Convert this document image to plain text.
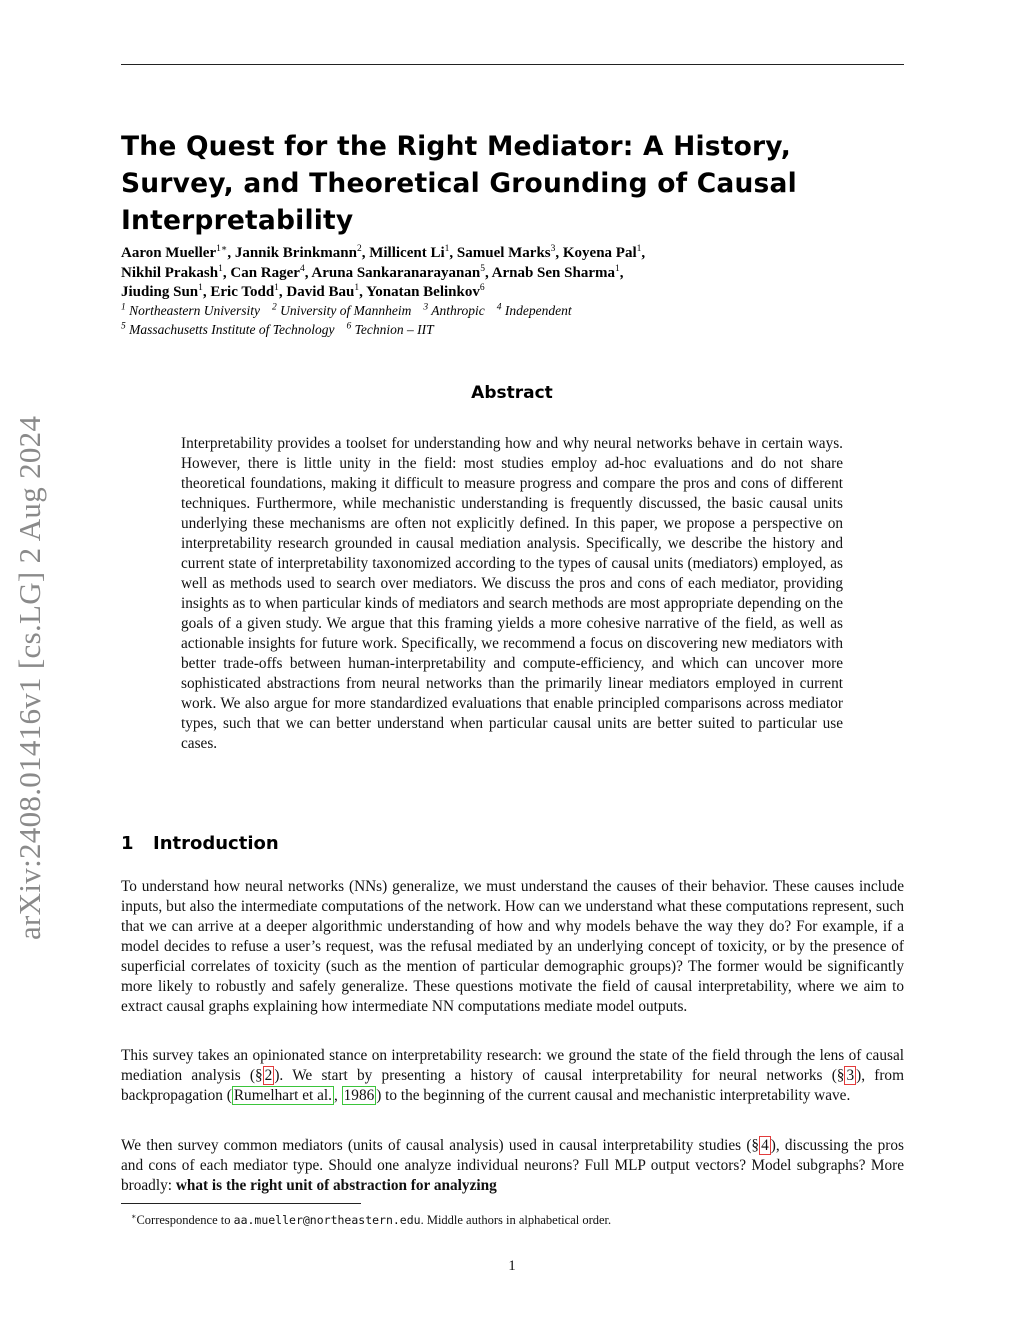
arXiv:2408.01416v1 [cs.LG] 2 Aug 2024
The Quest for the Right Mediator: A History, Survey, and Theoretical Grounding of Causal Interpretability
Aaron Mueller$^{1∗}$, Jannik Brinkmann$^2$, Millicent Li$^1$, Samuel Marks$^3$, Koyena Pal$^1$,
Nikhil Prakash$^1$, Can Rager$^4$, Aruna Sankaranarayanan$^5$, Arnab Sen Sharma$^1$,
Jiuding Sun$^1$, Eric Todd$^1$, David Bau$^1$, Yonatan Belinkov$^6$
$^1$ Northeastern University $^2$ University of Mannheim $^3$ Anthropic $^4$ Independent
$^5$ Massachusetts Institute of Technology $^6$ Technion – IIT
Abstract
Interpretability provides a toolset for understanding how and why neural networks behave in certain ways. However, there is little unity in the field: most studies employ ad-hoc evaluations and do not share theoretical foundations, making it difficult to measure progress and compare the pros and cons of different techniques. Furthermore, while mechanistic understanding is frequently discussed, the basic causal units underlying these mechanisms are often not explicitly defined. In this paper, we propose a perspective on interpretability research grounded in causal mediation analysis. Specifically, we describe the history and current state of interpretability taxonomized according to the types of causal units (mediators) employed, as well as methods used to search over mediators. We discuss the pros and cons of each mediator, providing insights as to when particular kinds of mediators and search methods are most appropriate depending on the goals of a given study. We argue that this framing yields a more cohesive narrative of the field, as well as actionable insights for future work. Specifically, we recommend a focus on discovering new mediators with better trade-offs between human-interpretability and compute-efficiency, and which can uncover more sophisticated abstractions from neural networks than the primarily linear mediators employed in current work. We also argue for more standardized evaluations that enable principled comparisons across mediator types, such that we can better understand when particular causal units are better suited to particular use cases.
1 Introduction
To understand how neural networks (NNs) generalize, we must understand the causes of their behavior. These causes include inputs, but also the intermediate computations of the network. How can we understand what these computations represent, such that we can arrive at a deeper algorithmic understanding of how and why models behave the way they do? For example, if a model decides to refuse a user’s request, was the refusal mediated by an underlying concept of toxicity, or by the presence of superficial correlates of toxicity (such as the mention of particular demographic groups)? The former would be significantly more likely to robustly and safely generalize. These questions motivate the field of causal interpretability, where we aim to extract causal graphs explaining how intermediate NN computations mediate model outputs.
This survey takes an opinionated stance on interpretability research: we ground the state of the field through the lens of causal mediation analysis (§ 2 ). We start by presenting a history of causal interpretability for neural networks (§ 3 ), from backpropagation ( Rumelhart et al. , 1986 ) to the beginning of the current causal and mechanistic interpretability wave.
We then survey common mediators (units of causal analysis) used in causal interpretability studies (§ 4 ), discussing the pros and cons of each mediator type. Should one analyze individual neurons? Full MLP output vectors? Model subgraphs? More broadly: what is the right unit of abstraction for analyzing
∗Correspondence to aa.mueller@northeastern.edu. Middle authors in alphabetical order.
1
